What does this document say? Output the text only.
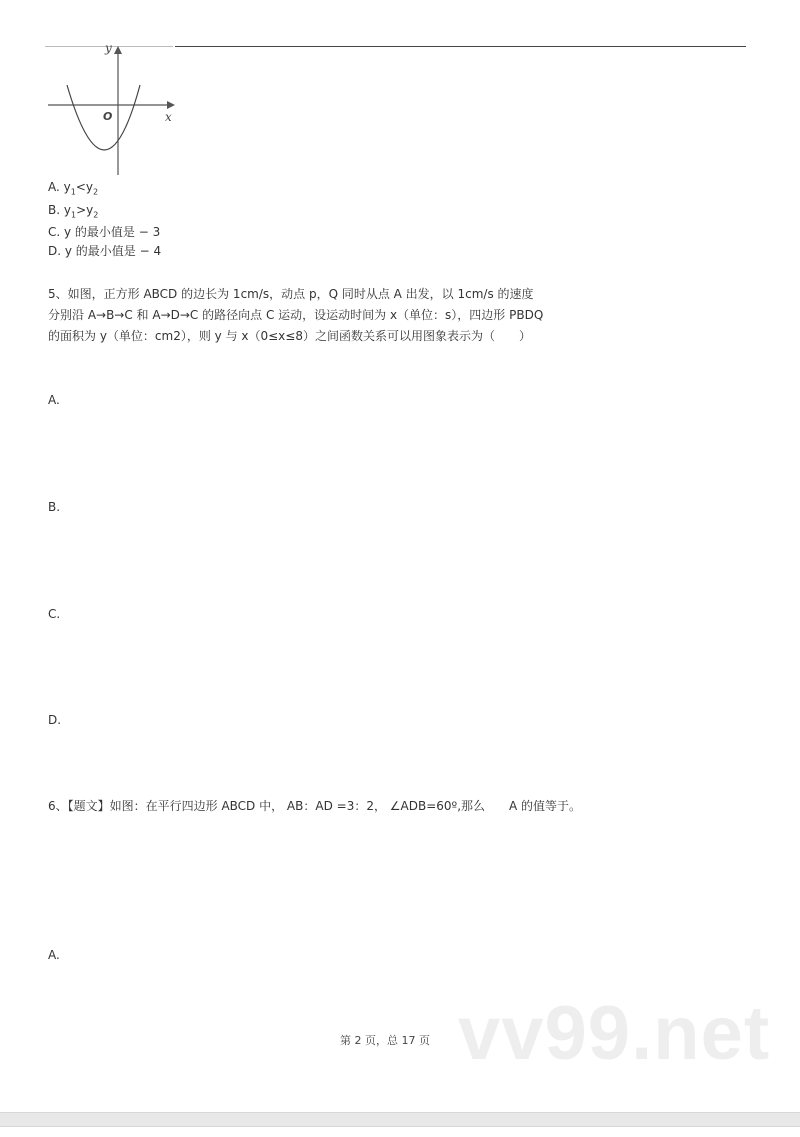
y
x
O
A. $y_1<y_2$
B. $y_1>y_2$
C. y 的最小值是 − 3
D. y 的最小值是 − 4
5、如图，正方形 ABCD 的边长为 1cm/s，动点 p，Q 同时从点 A 出发，以 1cm/s 的速度
分别沿 A→B→C 和 A→D→C 的路径向点 C 运动，设运动时间为 x（单位：s），四边形 PBDQ
的面积为 y（单位：cm2），则 y 与 x（0≤x≤8）之间函数关系可以用图象表示为（　　）
A.
B.
C.
D.
6、【题文】如图：在平行四边形 ABCD 中， AB：AD =3：2， ∠ADB=60º,那么　　A 的值等于。
A.
vv99.net
第 2 页，总 17 页
